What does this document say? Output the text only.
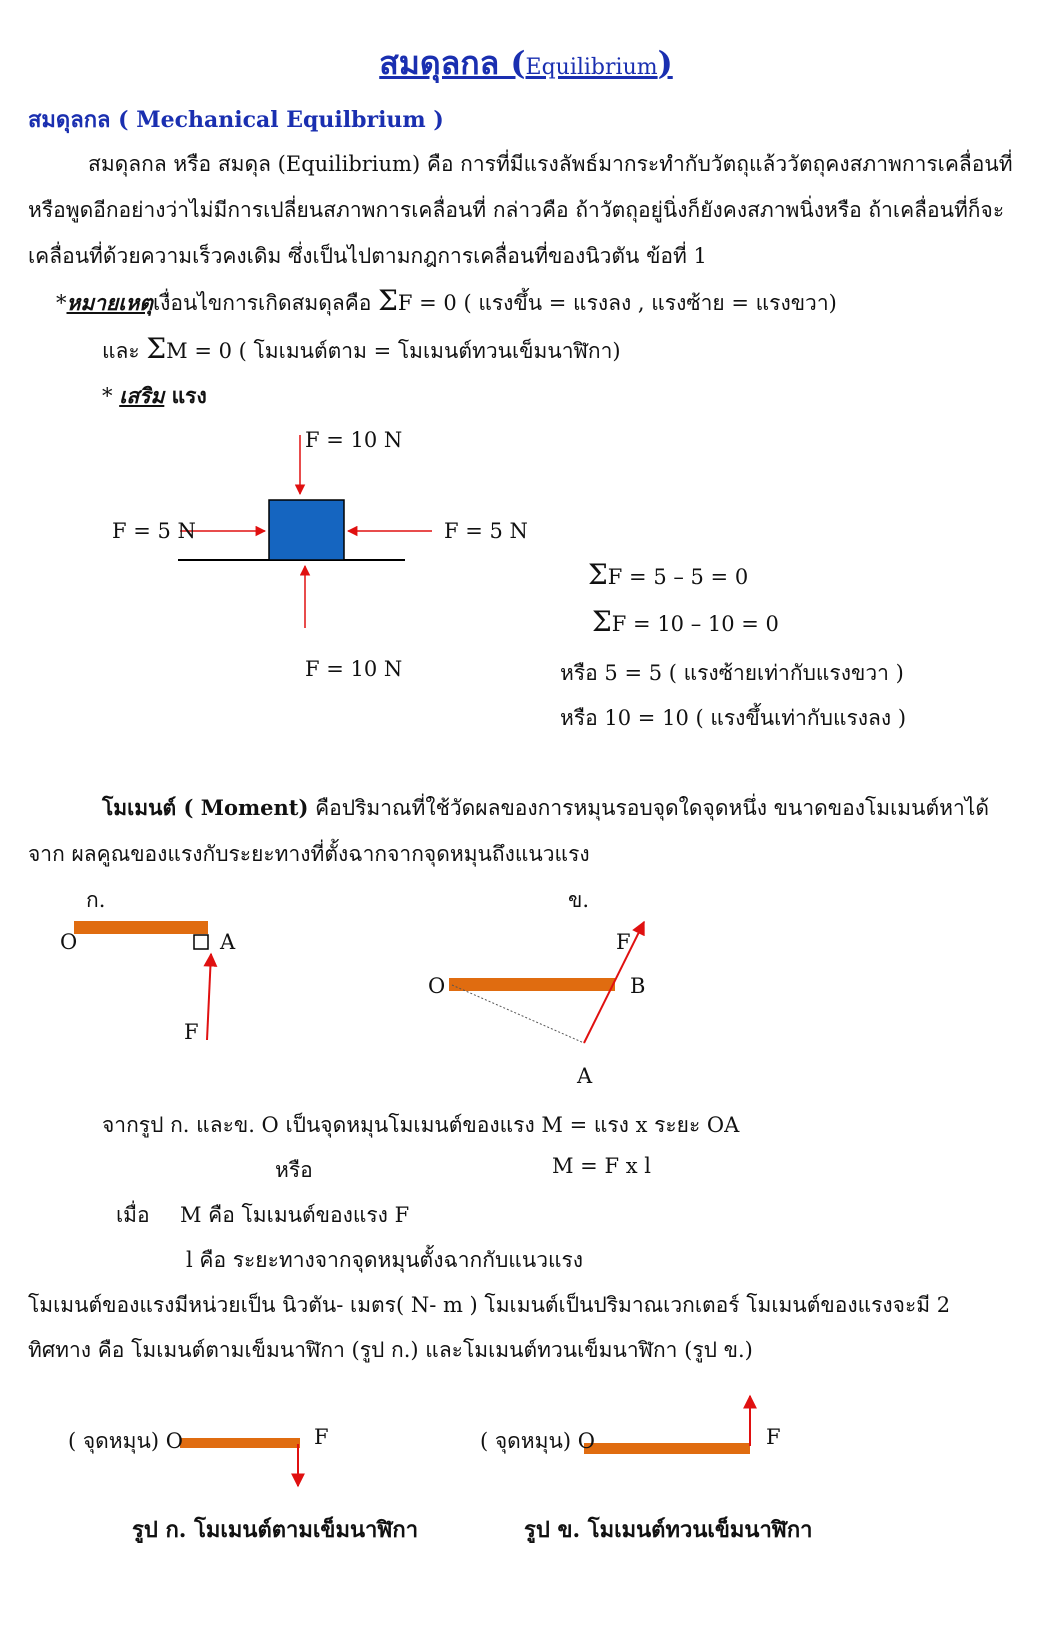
สมดุลกล (Equilibrium)
สมดุลกล ( Mechanical Equilbrium )
สมดุลกล หรือ สมดุล (Equilibrium) คือ การที่มีแรงลัพธ์มากระทำกับวัตถุแล้ววัตถุคงสภาพการเคลื่อนที่
หรือพูดอีกอย่างว่าไม่มีการเปลี่ยนสภาพการเคลื่อนที่ กล่าวคือ ถ้าวัตถุอยู่นิ่งก็ยังคงสภาพนิ่งหรือ ถ้าเคลื่อนที่ก็จะ
เคลื่อนที่ด้วยความเร็วคงเดิม ซึ่งเป็นไปตามกฎการเคลื่อนที่ของนิวตัน ข้อที่ 1
*หมายเหตุเงื่อนไขการเกิดสมดุลคือ ΣF = 0 ( แรงขึ้น = แรงลง , แรงซ้าย = แรงขวา)
และ ΣM = 0 ( โมเมนต์ตาม = โมเมนต์ทวนเข็มนาฬิกา)
* เสริม แรง
F = 10 N
F = 10 N
F = 5 N	F = 5 N
ΣF = 5 – 5 = 0
ΣF = 10 – 10 = 0
หรือ 5 = 5 ( แรงซ้ายเท่ากับแรงขวา )
หรือ 10 = 10 ( แรงขึ้นเท่ากับแรงลง )
โมเมนต์ ( Moment) คือปริมาณที่ใช้วัดผลของการหมุนรอบจุดใดจุดหนึ่ง ขนาดของโมเมนต์หาได้
จาก ผลคูณของแรงกับระยะทางที่ตั้งฉากจากจุดหมุนถึงแนวแรง
ก.
O	A
F
ข.
O	B
F
A
จากรูป ก. และข. O เป็นจุดหมุนโมเมนต์ของแรง M = แรง x ระยะ OA
หรือ	M = F x l
เมื่อ M คือ โมเมนต์ของแรง F
l คือ ระยะทางจากจุดหมุนตั้งฉากกับแนวแรง
โมเมนต์ของแรงมีหน่วยเป็น นิวตัน- เมตร( N- m ) โมเมนต์เป็นปริมาณเวกเตอร์ โมเมนต์ของแรงจะมี 2
ทิศทาง คือ โมเมนต์ตามเข็มนาฬิกา (รูป ก.) และโมเมนต์ทวนเข็มนาฬิกา (รูป ข.)
( จุดหมุน) O	F	( จุดหมุน) O	F
รูป ก. โมเมนต์ตามเข็มนาฬิกา	รูป ข. โมเมนต์ทวนเข็มนาฬิกา
